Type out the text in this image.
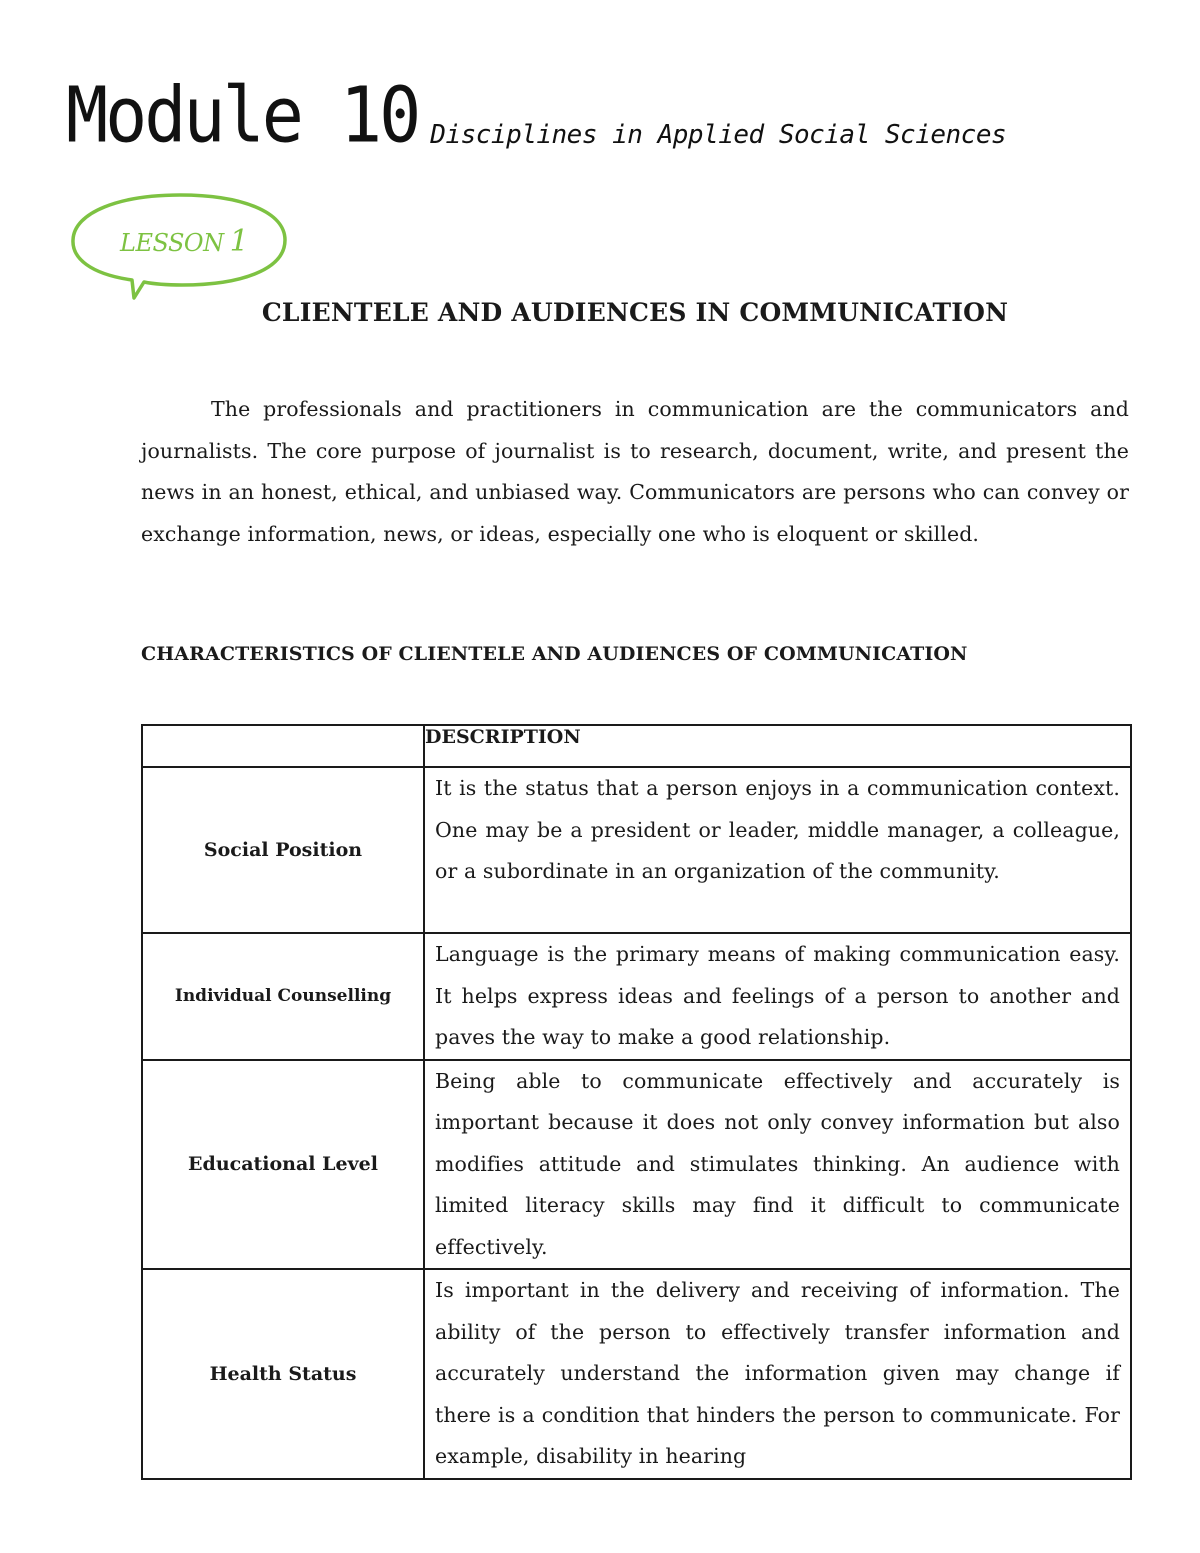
Module 10 Disciplines in Applied Social Sciences
LESSON 1
CLIENTELE AND AUDIENCES IN COMMUNICATION

The professionals and practitioners in communication are the communicators and journalists. The core purpose of journalist is to research, document, write, and present the news in an honest, ethical, and unbiased way. Communicators are persons who can convey or exchange information, news, or ideas, especially one who is eloquent or skilled.

CHARACTERISTICS OF CLIENTELE AND AUDIENCES OF COMMUNICATION
	DESCRIPTION
Social Position	It is the status that a person enjoys in a communication context. One may be a president or leader, middle manager, a colleague, or a subordinate in an organization of the community.
Individual Counselling	Language is the primary means of making communication easy. It helps express ideas and feelings of a person to another and paves the way to make a good relationship.
Educational Level	Being able to communicate effectively and accurately is important because it does not only convey information but also modifies attitude and stimulates thinking. An audience with limited literacy skills may find it difficult to communicate effectively.
Health Status	Is important in the delivery and receiving of information. The ability of the person to effectively transfer information and accurately understand the information given may change if there is a condition that hinders the person to communicate. For example, disability in hearing
